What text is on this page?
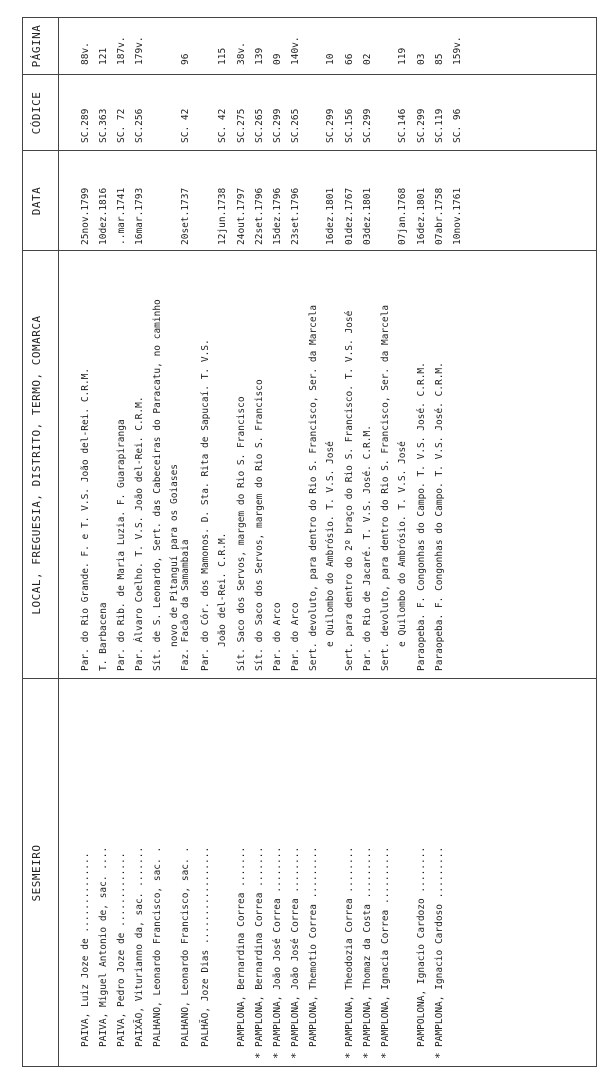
SESMEIRO
LOCAL, FREGUESIA, DISTRITO, TERMO, COMARCA
DATA
CÓDICE
PÁGINA
PAIVA, Luiz Joze de ..............
Par. do Rio Grande. F. e T. V.S. João del-Rei. C.R.M.
25nov.1799
SC.289
88v.
PAIVA, Miguel Antonio de, sac. ....
T. Barbacena
10dez.1816
SC.363
121
PAIVA, Pedro Joze de .............
Par. do Rib. de Maria Luzia. F. Guarapiranga
..mar.1741
SC. 72
187v.
PAIXÃO, Viturianno da, sac. .......
Par. Álvaro Coelho. T. V.S. João del-Rei. C.R.M.
16mar.1793
SC.256
179v.
PALHANO, Leonardo Francisco, sac. .
Sít. de S. Leonardo, Sert. das Cabeceiras do Paracatu, no caminho novo de Pitanguí para os Goiases
PALHANO, Leonardo Francisco, sac. .
Faz. Facão da Samambaia
20set.1737
SC. 42
96
PALHÃO, Joze Dias .................
Par. do Cór. dos Mamonos. D. Sta. Rita de Sapucaí. T. V.S. João del-Rei. C.R.M.
12jun.1738
SC. 42
115
PAMPLONA, Bernardina Correa .......
Sít. Saco dos Servos, margem do Rio S. Francisco
24out.1797
SC.275
38v.
*
PAMPLONA, Bernardina Correa .......
Sít. do Saco dos Servos, margem do Rio S. Francisco
22set.1796
SC.265
139
*
PAMPLONA, João José Correa ........
Par. do Arco
15dez.1796
SC.299
09
*
PAMPLONA, João José Correa ........
Par. do Arco
23set.1796
SC.265
140v.
PAMPLONA, Themotio Correa .........
Sert. devoluto, para dentro do Rio S. Francisco, Ser. da Marcela e Quilombo do Ambrósio. T. V.S. José
16dez.1801
SC.299
10
*
PAMPLONA, Theodozia Correa ........
Sert. para dentro do 2º braço do Rio S. Francisco. T. V.S. José
01dez.1767
SC.156
66
*
PAMPLONA, Thomaz da Costa .........
Par. do Rio de Jacaré. T. V.S. José. C.R.M.
03dez.1801
SC.299
02
*
PAMPLONA, Ignacia Correa ..........
Sert. devoluto, para dentro do Rio S. Francisco, Ser. da Marcela e Quilombo do Ambrósio. T. V.S. José
07jan.1768
SC.146
119
PAMPOLONA, Ignacio Cardozo ........
Paraopeba. F. Congonhas do Campo. T. V.S. José. C.R.M.
16dez.1801
SC.299
03
*
PAMPLONA, Ignacio Cardoso .........
Paraopeba. F. Congonhas do Campo. T. V.S. José. C.R.M.
07abr.1758
SC.119
85
10nov.1761
SC. 96
159v.
